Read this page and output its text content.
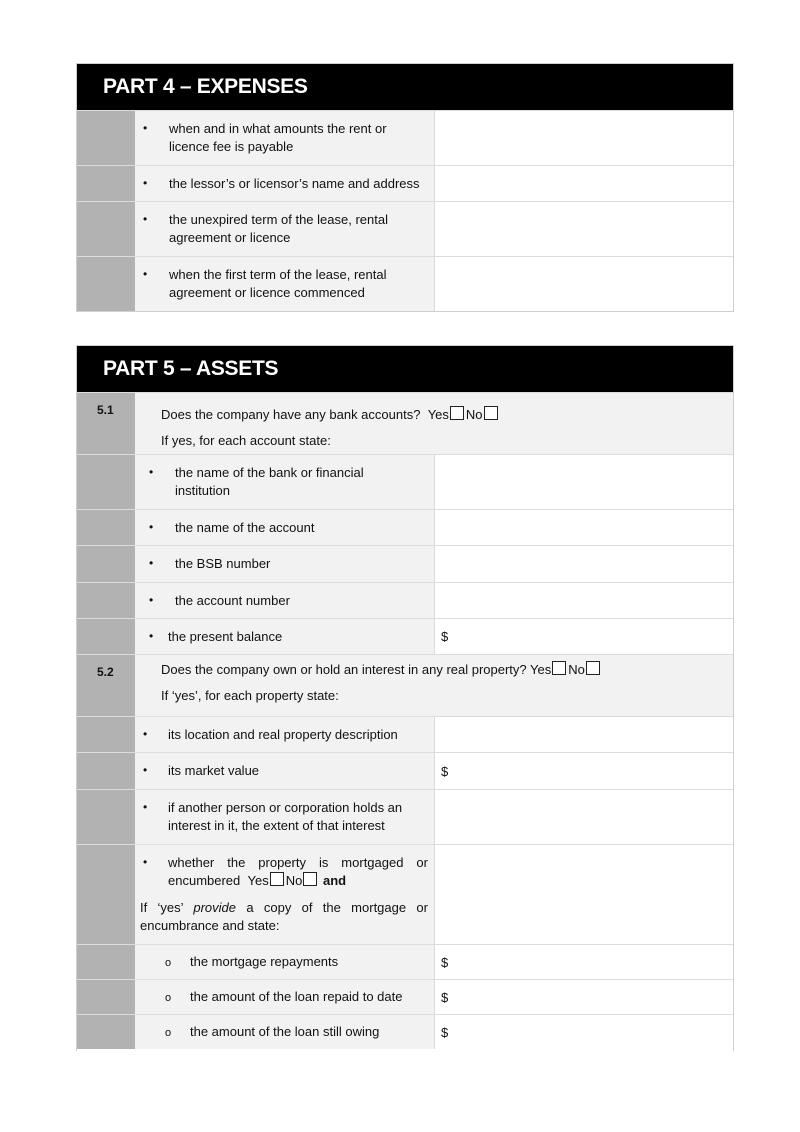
PART 4 – EXPENSES
• when and in what amounts the rent or licence fee is payable
• the lessor’s or licensor’s name and address
• the unexpired term of the lease, rental agreement or licence
• when the first term of the lease, rental agreement or licence commenced
PART 5 – ASSETS
5.1	Does the company have any bank accounts? Yes No
If yes, for each account state:
• the name of the bank or financial institution
• the name of the account
• the BSB number
• the account number
• the present balance	$
5.2	Does the company own or hold an interest in any real property? Yes No
If ‘yes’, for each property state:
• its location and real property description
• its market value	$
• if another person or corporation holds an interest in it, the extent of that interest
• whether the property is mortgaged or encumbered Yes No and
If ‘yes’ provide a copy of the mortgage or encumbrance and state:
o the mortgage repayments	$
o the amount of the loan repaid to date	$
o the amount of the loan still owing	$
